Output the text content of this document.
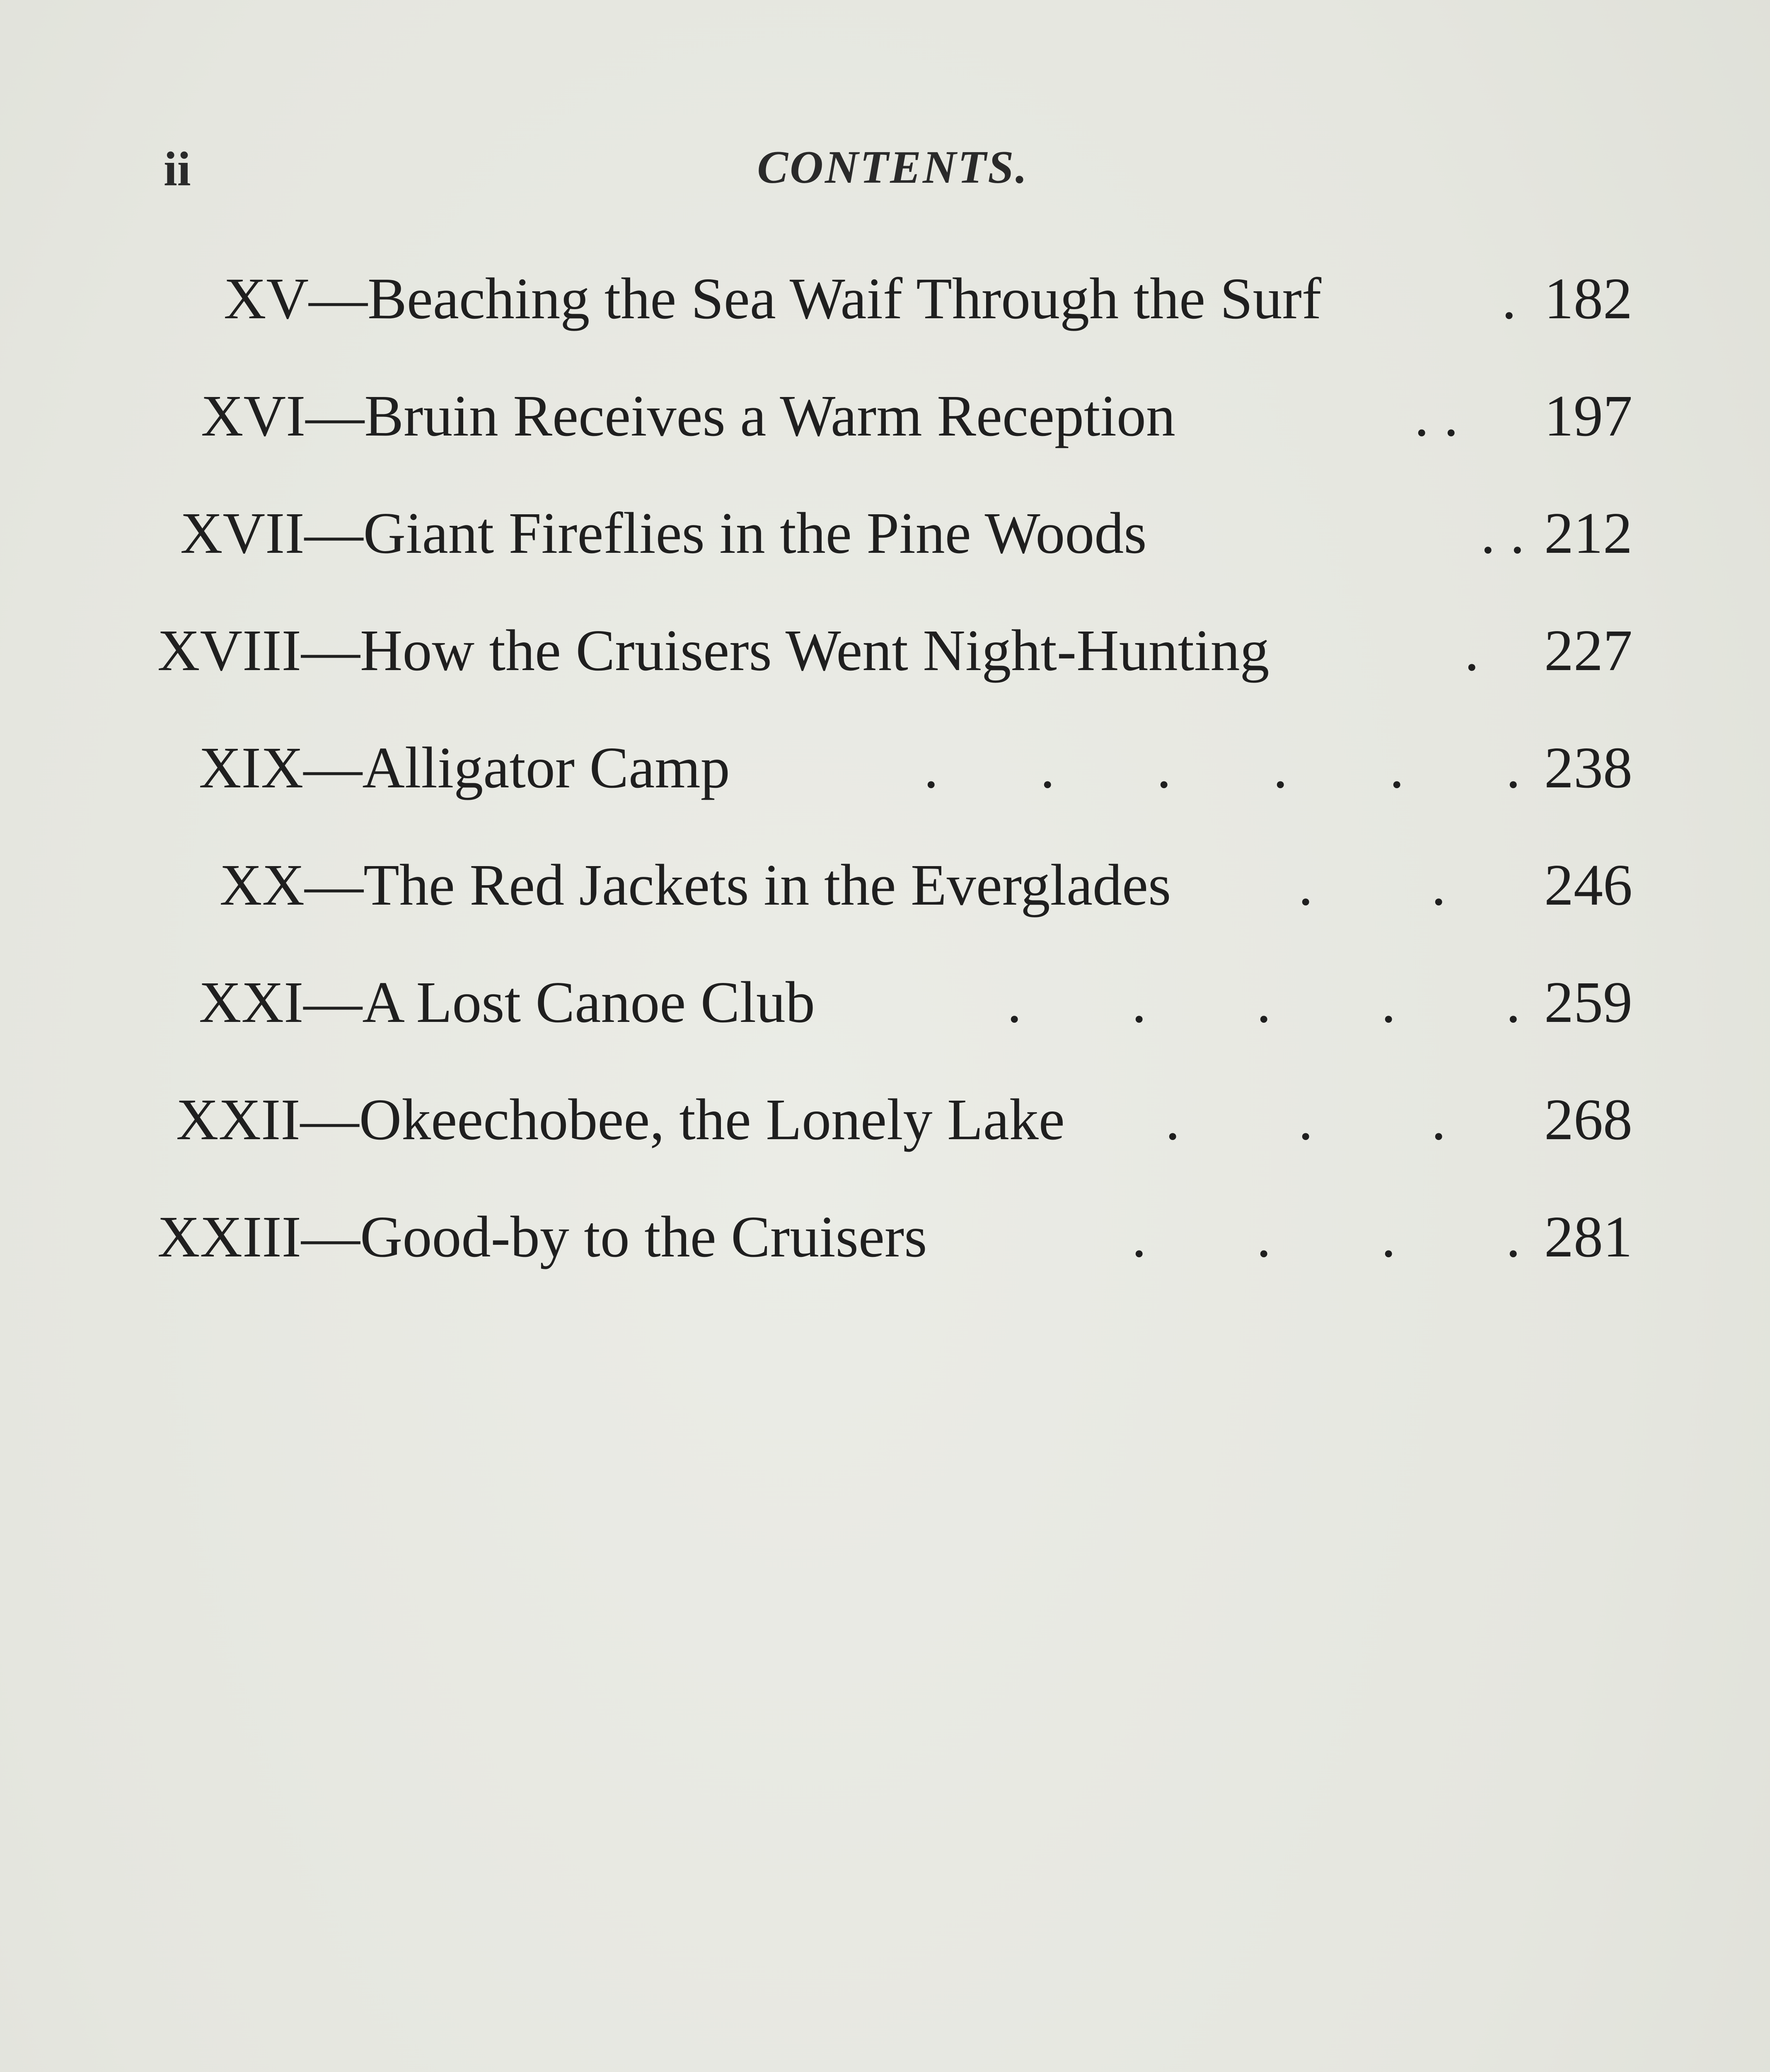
ii	CONTENTS.
XV—Beaching the Sea Waif Through the Surf	. 182
XVI—Bruin Receives a Warm Reception	. . 197
XVII—Giant Fireflies in the Pine Woods	. . 212
XVIII—How the Cruisers Went Night-Hunting	. 227
XIX—Alligator Camp	. . . . . . 238
XX—The Red Jackets in the Everglades . . 246
XXI—A Lost Canoe Club	. . . . . 259
XXII—Okeechobee, the Lonely Lake . . . 268
XXIII—Good-by to the Cruisers	. . . . 281
